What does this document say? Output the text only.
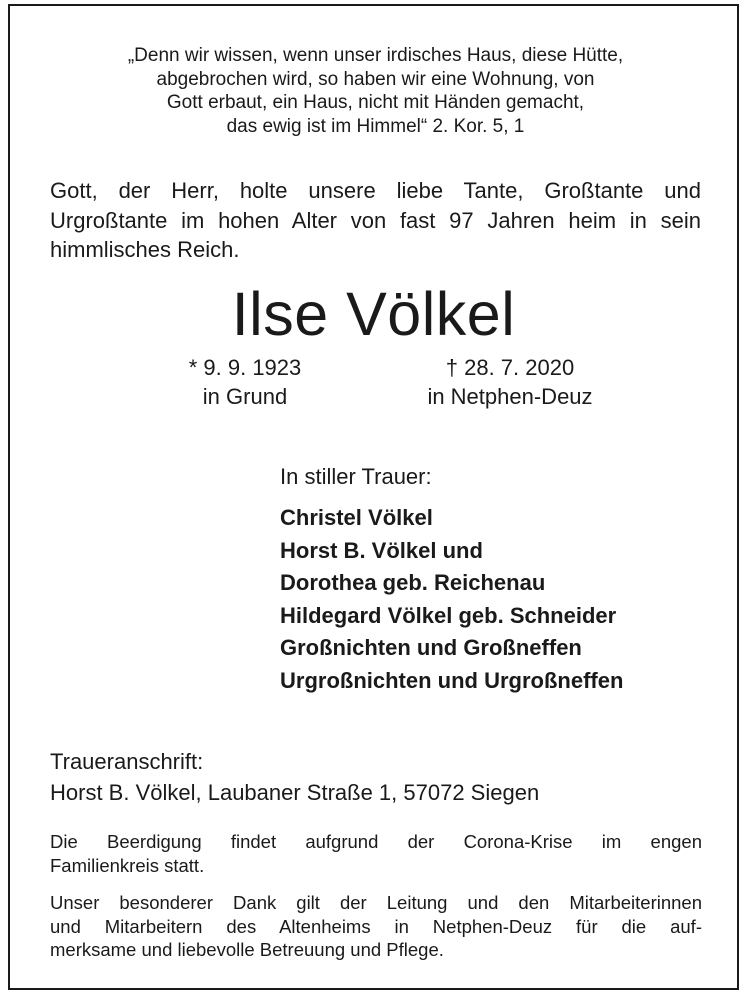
„Denn wir wissen, wenn unser irdisches Haus, diese Hütte,
abgebrochen wird, so haben wir eine Wohnung, von
Gott erbaut, ein Haus, nicht mit Händen gemacht,
das ewig ist im Himmel“ 2. Kor. 5, 1
Gott, der Herr, holte unsere liebe Tante, Großtante und
Urgroßtante im hohen Alter von fast 97 Jahren heim in sein
himmlisches Reich.
Ilse Völkel
* 9. 9. 1923
in Grund
† 28. 7. 2020
in Netphen-Deuz
In stiller Trauer:
Christel Völkel
Horst B. Völkel und
Dorothea geb. Reichenau
Hildegard Völkel geb. Schneider
Großnichten und Großneffen
Urgroßnichten und Urgroßneffen
Traueranschrift:
Horst B. Völkel, Laubaner Straße 1, 57072 Siegen
Die Beerdigung findet aufgrund der Corona-Krise im engen
Familienkreis statt.
Unser besonderer Dank gilt der Leitung und den Mitarbeiterinnen
und Mitarbeitern des Altenheims in Netphen-Deuz für die auf-
merksame und liebevolle Betreuung und Pflege.
